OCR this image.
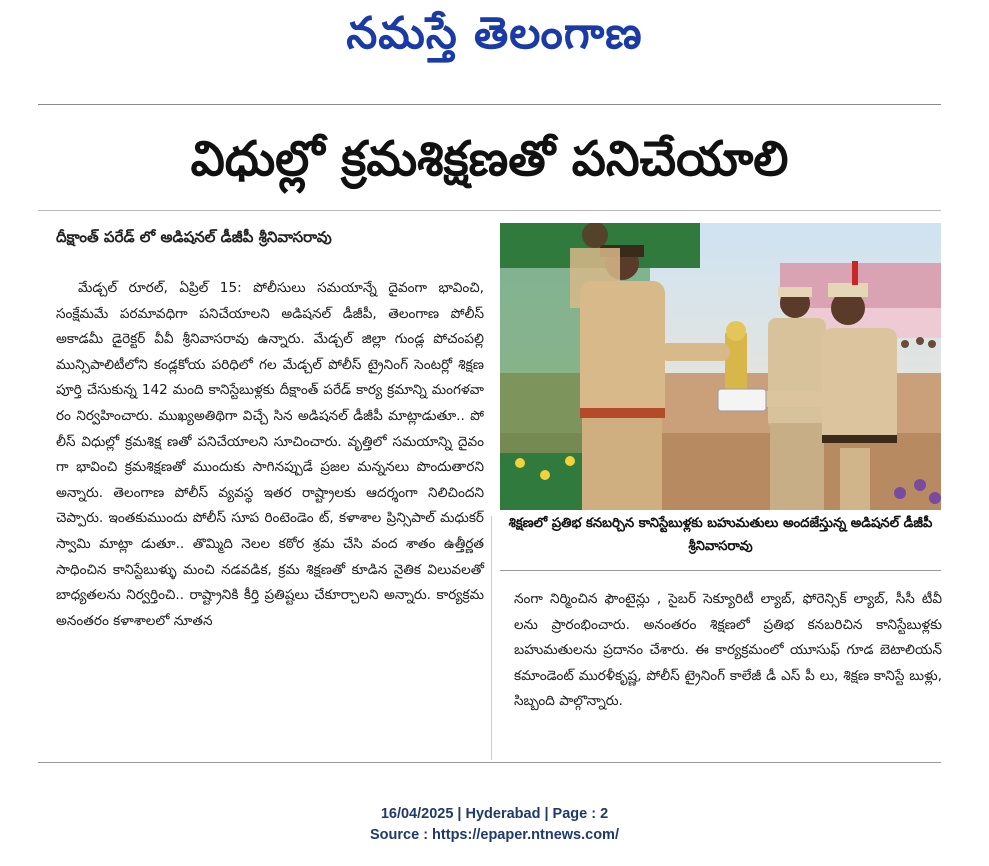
నమస్తే తెలంగాణ
విధుల్లో క్రమశిక్షణతో పనిచేయాలి
దీక్షాంత్ పరేడ్ లో అడిషనల్ డీజీపీ శ్రీనివాసరావు

మేడ్చల్ రూరల్, ఏప్రిల్ 15: పోలీసులు సమయాన్నే దైవంగా భావించి, సంక్షేమమే పరమావధిగా పనిచేయాలని అడిషనల్ డీజీపీ, తెలంగాణ పోలీస్ అకాడమీ డైరెక్టర్ వీవీ శ్రీనివాసరావు ఉన్నారు. మేడ్చల్ జిల్లా గుండ్ల పోచంపల్లి మున్సిపాలిటీలోని కండ్లకోయ పరిధిలో గల మేడ్చల్ పోలీస్ ట్రైనింగ్ సెంటర్లో శిక్షణ పూర్తి చేసుకున్న 142 మంది కానిస్టేబుళ్లకు దీక్షాంత్ పరేడ్ కార్య క్రమాన్ని మంగళవా రం నిర్వహించారు. ముఖ్యఅతిథిగా విచ్చే సిన అడిషనల్ డీజీపీ మాట్లాడుతూ.. పో లీస్ విధుల్లో క్రమశిక్ష ణతో పనిచేయాలని సూచించారు. వృత్తిలో సమయాన్ని దైవం గా భావించి క్రమశిక్షణతో ముందుకు సాగినప్పుడే ప్రజల మన్ననలు పొందుతారని అన్నారు. తెలంగాణ పోలీస్ వ్యవస్థ ఇతర రాష్ట్రాలకు ఆదర్శంగా నిలిచిందని చెప్పారు. ఇంతకుముందు పోలీస్ సూప రింటెండెం ట్, కళాశాల ప్రిన్సిపాల్ మధుకర్ స్వామి మాట్లా డుతూ.. తొమ్మిది నెలల కఠోర శ్రమ చేసి వంద శాతం ఉత్తీర్ణత సాధించిన కానిస్టేబుళ్ళు మంచి నడవడిక, క్రమ శిక్షణతో కూడిన నైతిక విలువలతో బాధ్యతలను నిర్వర్తించి.. రాష్ట్రానికి కీర్తి ప్రతిష్టలు చేకూర్చాలని అన్నారు. కార్యక్రమ అనంతరం కళాశాలలో నూతన

శిక్షణలో ప్రతిభ కనబర్చిన కానిస్టేబుళ్లకు బహుమతులు అందజేస్తున్న అడిషనల్ డీజీపీ శ్రీనివాసరావు

నంగా నిర్మించిన ఫౌంటైన్లు , సైబర్ సెక్యూరిటీ ల్యాబ్, ఫోరెన్సిక్ ల్యాబ్, సీసీ టీవీ లను ప్రారంభించారు. అనంతరం శిక్షణలో ప్రతిభ కనబరిచిన కానిస్టేబుళ్లకు బహుమతులను ప్రదానం చేశారు. ఈ కార్యక్రమంలో యూసుఫ్ గూడ బెటాలియన్ కమాండెంట్ మురళీకృష్ణ, పోలీస్ ట్రైనింగ్ కాలేజీ డీ ఎస్ పీ లు, శిక్షణ కానిస్టే బుళ్లు, సిబ్బంది పాల్గొన్నారు.

16/04/2025 | Hyderabad | Page : 2
Source : https://epaper.ntnews.com/
